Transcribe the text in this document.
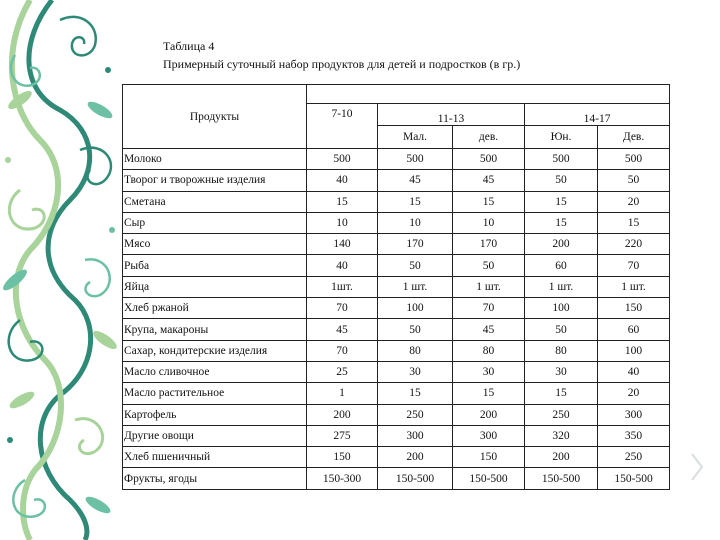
Таблица 4
Примерный суточный набор продуктов для детей и подростков (в гр.)
Продукты					
	7-10	11-13		14-17	
		Мал.	дев.	Юн.	Дев.
Молоко	500	500	500	500	500
Творог и творожные изделия	40	45	45	50	50
Сметана	15	15	15	15	20
Сыр	10	10	10	15	15
Мясо	140	170	170	200	220
Рыба	40	50	50	60	70
Яйца	1шт.	1 шт.	1 шт.	1 шт.	1 шт.
Хлеб ржаной	70	100	70	100	150
Крупа, макароны	45	50	45	50	60
Сахар, кондитерские изделия	70	80	80	80	100
Масло сливочное	25	30	30	30	40
Масло растительное	1	15	15	15	20
Картофель	200	250	200	250	300
Другие овощи	275	300	300	320	350
Хлеб пшеничный	150	200	150	200	250
Фрукты, ягоды	150-300	150-500	150-500	150-500	150-500
